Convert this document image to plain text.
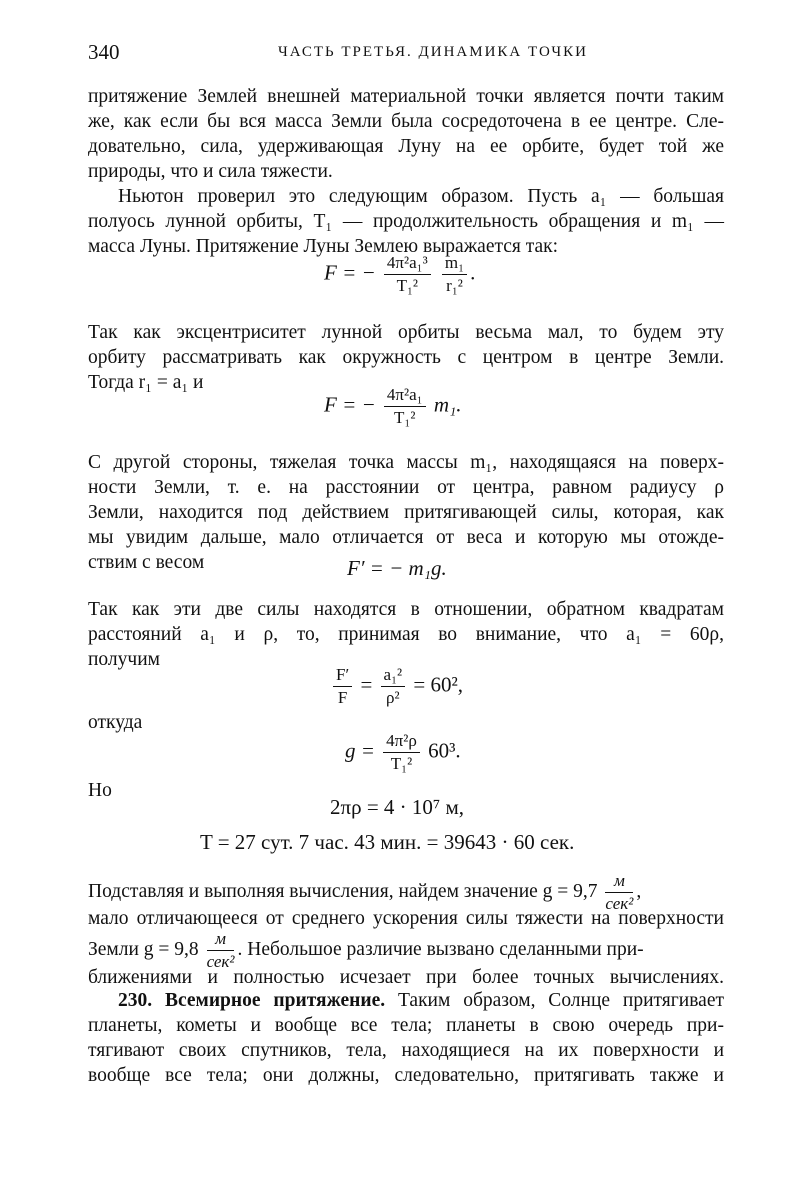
340	ЧАСТЬ ТРЕТЬЯ. ДИНАМИКА ТОЧКИ
притяжение Землей внешней материальной точки является почти таким
же, как если бы вся масса Земли была сосредоточена в ее центре. Сле-
довательно, сила, удерживающая Луну на ее орбите, будет той же
природы, что и сила тяжести.
Ньютон проверил это следующим образом. Пусть a₁ — большая
полуось лунной орбиты, T₁ — продолжительность обращения и m₁ —
масса Луны. Притяжение Луны Землею выражается так:
F = − $\frac{\text{4π²a₁³}}{\text{T₁²}}$
$\frac{\text{m₁}}{\text{r₁²}}$ .
Так как эксцентриситет лунной орбиты весьма мал, то будем эту
орбиту рассматривать как окружность с центром в центре Земли.
Тогда r₁ = a₁ и
F = − $\frac{\text{4π²a₁}}{\text{T₁²}} m_1$.
С другой стороны, тяжелая точка массы m₁, находящаяся на поверх-
ности Земли, т. е. на расстоянии от центра, равном радиусу ρ
Земли, находится под действием притягивающей силы, которая, как
мы увидим дальше, мало отличается от веса и которую мы отожде-
ствим с весом	F′ = − m₁g.
Так как эти две силы находятся в отношении, обратном квадратам
расстояний a₁ и ρ, то, принимая во внимание, что a₁ = 60ρ,
получим
$\frac{F'}{F} = \frac{\text{a₁²}}{\text{ρ²}} = 60^2$,
откуда
$g = \frac{\text{4π²ρ}}{\text{T₁²}} 60^3$.
Но
2πρ = 4 · 10⁷ м,
T = 27 сут. 7 час. 43 мин. = 39643 · 60 сек.
Подставляя и выполняя вычисления, найдем значение g = 9,7
м
сек²
,
мало отличающееся от среднего ускорения силы тяжести на поверхности
Земли g = 9,8
м
сек²
. Небольшое различие вызвано сделанными при-
ближениями и полностью исчезает при более точных вычислениях.
230. Всемирное притяжение. Таким образом, Солнце притягивает
планеты, кометы и вообще все тела; планеты в свою очередь при-
тягивают своих спутников, тела, находящиеся на их поверхности и
вообще все тела; они должны, следовательно, притягивать также и
